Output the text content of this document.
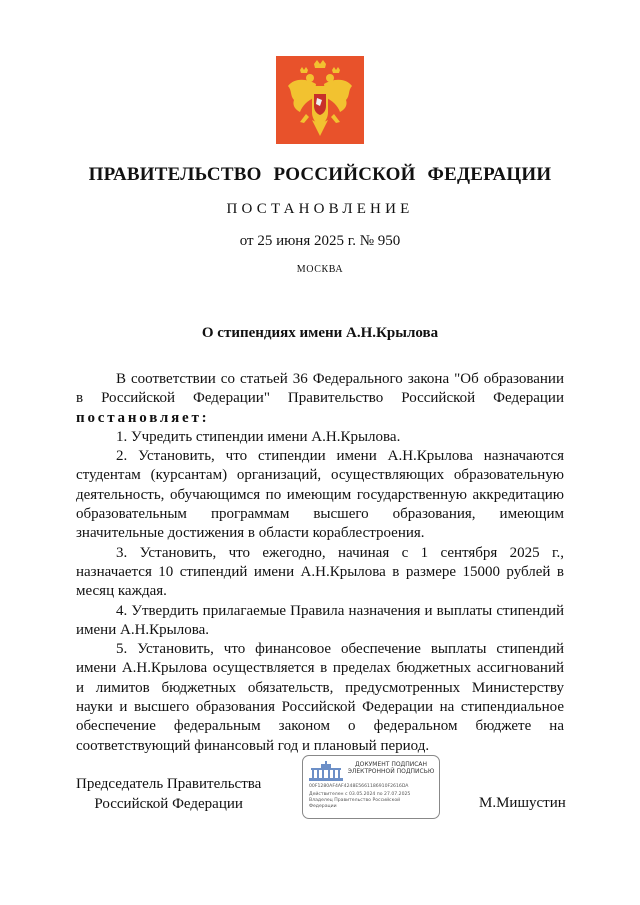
ПРАВИТЕЛЬСТВО РОССИЙСКОЙ ФЕДЕРАЦИИ
ПОСТАНОВЛЕНИЕ
от 25 июня 2025 г. № 950
МОСКВА
О стипендиях имени А.Н.Крылова

В соответствии со статьей 36 Федерального закона "Об образовании в Российской Федерации" Правительство Российской Федерации постановляет:

1. Учредить стипендии имени А.Н.Крылова.

2. Установить, что стипендии имени А.Н.Крылова назначаются студентам (курсантам) организаций, осуществляющих образовательную деятельность, обучающимся по имеющим государственную аккредитацию образовательным программам высшего образования, имеющим значительные достижения в области кораблестроения.

3. Установить, что ежегодно, начиная с 1 сентября 2025 г., назначается 10 стипендий имени А.Н.Крылова в размере 15000 рублей в месяц каждая.

4. Утвердить прилагаемые Правила назначения и выплаты стипендий имени А.Н.Крылова.

5. Установить, что финансовое обеспечение выплаты стипендий имени А.Н.Крылова осуществляется в пределах бюджетных ассигнований и лимитов бюджетных обязательств, предусмотренных Министерству науки и высшего образования Российской Федерации на стипендиальное обеспечение федеральным законом о федеральном бюджете на соответствующий финансовый год и плановый период.

Председатель Правительства
Российской Федерации
ДОКУМЕНТ ПОДПИСАН
ЭЛЕКТРОННОЙ ПОДПИСЬЮ
00F1280AF4AF4248E5661186910F2616DA
Действителен с 03.05.2024 по 27.07.2025
Владелец Правительство Российской
Федерации	М.Мишустин
